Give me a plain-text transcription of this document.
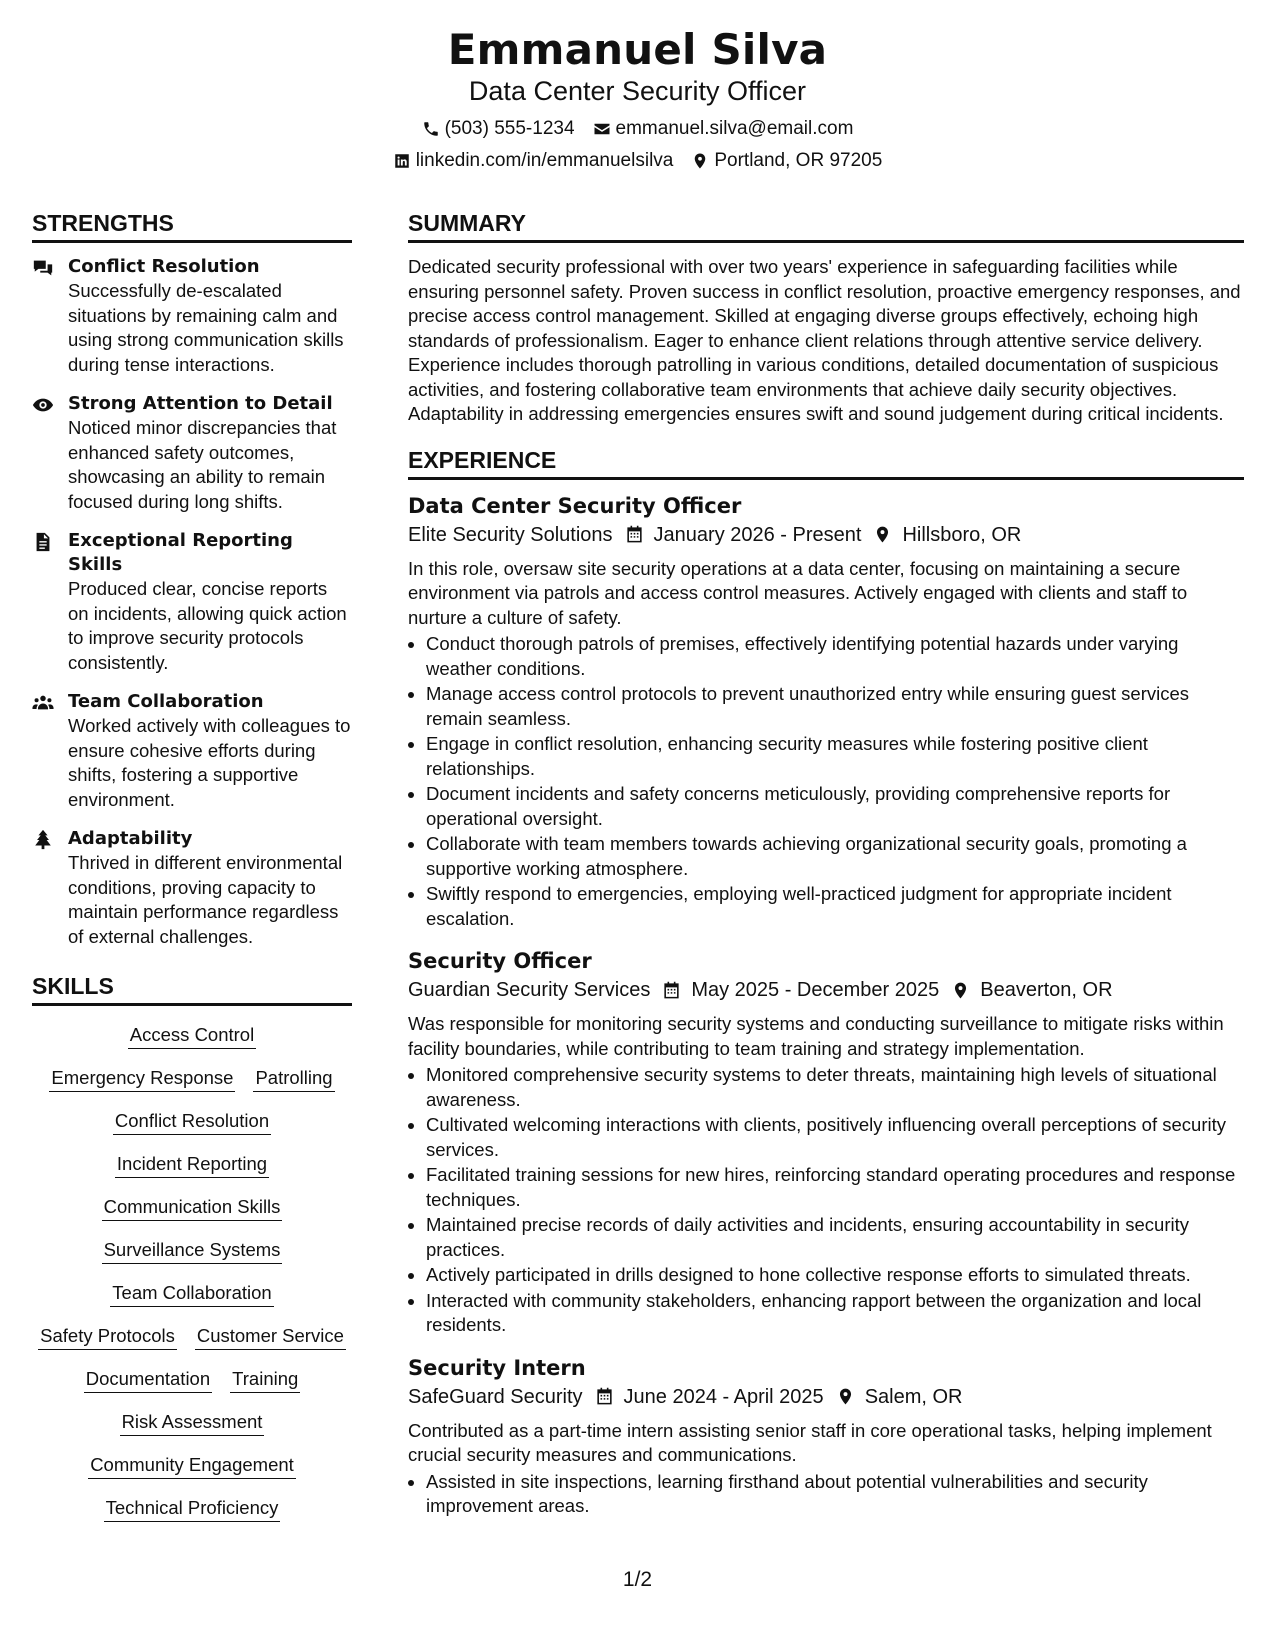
Emmanuel Silva
Data Center Security Officer
(503) 555-1234 emmanuel.silva@email.com
linkedin.com/in/emmanuelsilva Portland, OR 97205
STRENGTHS
Conflict Resolution
Successfully de-escalated situations by remaining calm and using strong communication skills during tense interactions.
Strong Attention to Detail
Noticed minor discrepancies that enhanced safety outcomes, showcasing an ability to remain focused during long shifts.
Exceptional Reporting Skills
Produced clear, concise reports on incidents, allowing quick action to improve security protocols consistently.
Team Collaboration
Worked actively with colleagues to ensure cohesive efforts during shifts, fostering a supportive environment.
Adaptability
Thrived in different environmental conditions, proving capacity to maintain performance regardless of external challenges.
SKILLS
Access Control
Emergency Response Patrolling
Conflict Resolution
Incident Reporting
Communication Skills
Surveillance Systems
Team Collaboration
Safety Protocols Customer Service
Documentation Training
Risk Assessment
Community Engagement
Technical Proficiency
SUMMARY
Dedicated security professional with over two years' experience in safeguarding facilities while ensuring personnel safety. Proven success in conflict resolution, proactive emergency responses, and precise access control management. Skilled at engaging diverse groups effectively, echoing high standards of professionalism. Eager to enhance client relations through attentive service delivery. Experience includes thorough patrolling in various conditions, detailed documentation of suspicious activities, and fostering collaborative team environments that achieve daily security objectives. Adaptability in addressing emergencies ensures swift and sound judgement during critical incidents.
EXPERIENCE
Data Center Security Officer
Elite Security Solutions January 2026 - Present Hillsboro, OR
In this role, oversaw site security operations at a data center, focusing on maintaining a secure environment via patrols and access control measures. Actively engaged with clients and staff to nurture a culture of safety.
• Conduct thorough patrols of premises, effectively identifying potential hazards under varying weather conditions.
• Manage access control protocols to prevent unauthorized entry while ensuring guest services remain seamless.
• Engage in conflict resolution, enhancing security measures while fostering positive client relationships.
• Document incidents and safety concerns meticulously, providing comprehensive reports for operational oversight.
• Collaborate with team members towards achieving organizational security goals, promoting a supportive working atmosphere.
• Swiftly respond to emergencies, employing well-practiced judgment for appropriate incident escalation.
Security Officer
Guardian Security Services May 2025 - December 2025 Beaverton, OR
Was responsible for monitoring security systems and conducting surveillance to mitigate risks within facility boundaries, while contributing to team training and strategy implementation.
• Monitored comprehensive security systems to deter threats, maintaining high levels of situational awareness.
• Cultivated welcoming interactions with clients, positively influencing overall perceptions of security services.
• Facilitated training sessions for new hires, reinforcing standard operating procedures and response techniques.
• Maintained precise records of daily activities and incidents, ensuring accountability in security practices.
• Actively participated in drills designed to hone collective response efforts to simulated threats.
• Interacted with community stakeholders, enhancing rapport between the organization and local residents.
Security Intern
SafeGuard Security June 2024 - April 2025 Salem, OR
Contributed as a part-time intern assisting senior staff in core operational tasks, helping implement crucial security measures and communications.
• Assisted in site inspections, learning firsthand about potential vulnerabilities and security improvement areas.
1/2
